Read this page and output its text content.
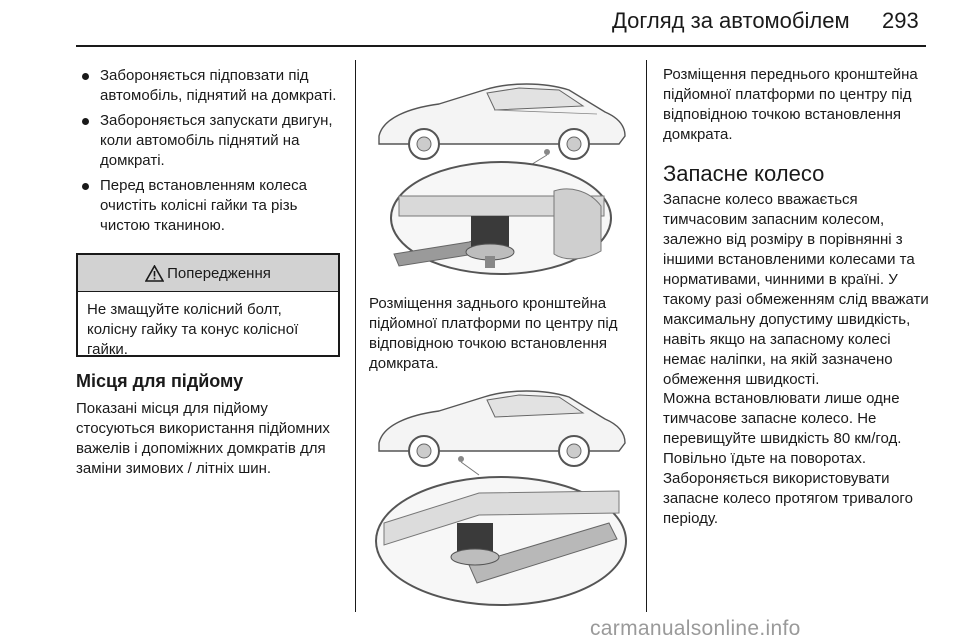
Догляд за автомобілем 293
Забороняється підповзати під автомобіль, піднятий на домкраті.
Забороняється запускати двигун, коли автомобіль піднятий на домкраті.
Перед встановленням колеса очистіть колісні гайки та різь чистою тканиною.
Попередження
Не змащуйте колісний болт, колісну гайку та конус колісної гайки.
Місця для підйому

Показані місця для підйому стосуються використання підйомних важелів і допоміжних домкратів для заміни зимових / літніх шин.

Розміщення заднього кронштейна підйомної платформи по центру під відповідною точкою встановлення домкрата.

Розміщення переднього кронштейна підйомної платформи по центру під відповідною точкою встановлення домкрата.

Запасне колесо

Запасне колесо вважається тимчасовим запасним колесом, залежно від розміру в порівнянні з іншими встановленими колесами та нормативами, чинними в країні. У такому разі обмеженням слід вважати максимальну допустиму швидкість, навіть якщо на запасному колесі немає наліпки, на якій зазначено обмеження швидкості.

Можна встановлювати лише одне тимчасове запасне колесо. Не перевищуйте швидкість 80 км/год. Повільно їдьте на поворотах. Забороняється використовувати запасне колесо протягом тривалого періоду.

carmanualsonline.info
